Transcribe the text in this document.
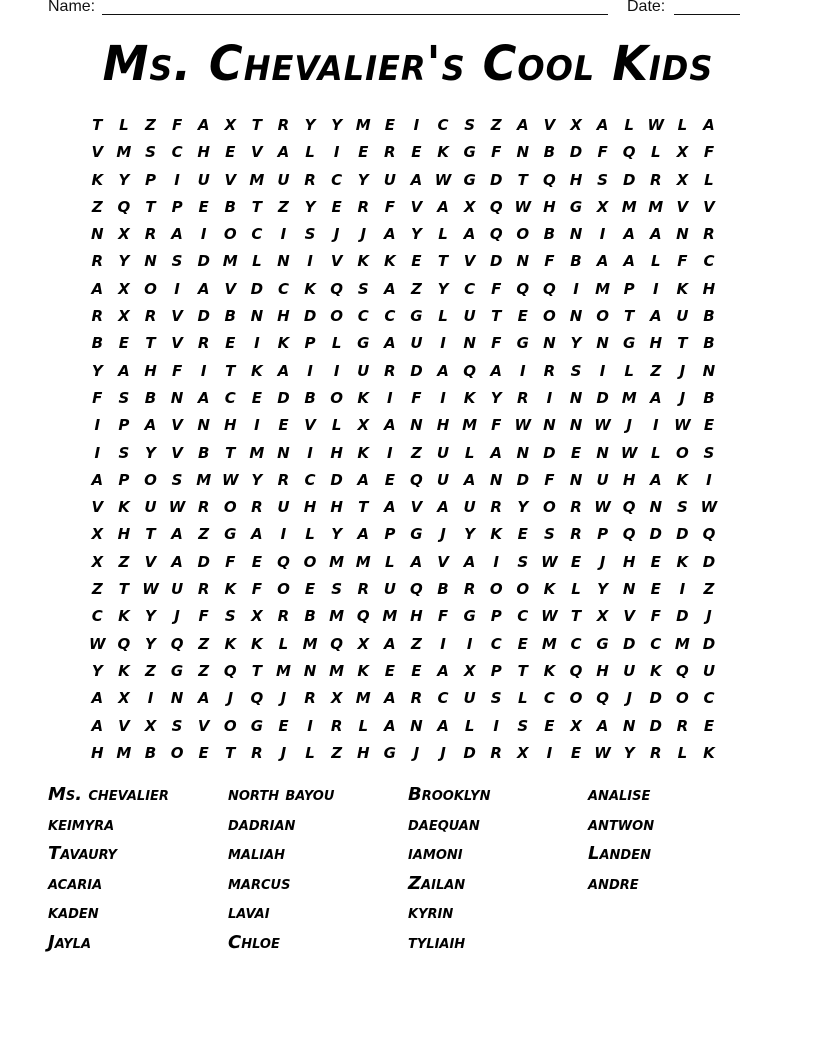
Name:	Date:
Ms. Chevalier's Cool Kids
T	L	Z	F	A	X	T	R	Y	Y M E	I	C	S	Z	A V	X	A	L W L	A
V M S	C H	E	V A	L	I	E	R	E	K G	F	N B D	F	Q	L	X	F
K	Y	P	I	U V M U R	C	Y	U A W G D	T	Q H S D R	X	L
Z Q	T	P	E	B	T	Z	Y	E	R	F	V A	X Q W H G X M M V V
N X	R	A	I	O C	I	S	J	J	A	Y	L	A Q O B N	I	A A N R
R	Y N S D M L	N	I	V K K	E	T	V D N	F	B	A A	L	F	C
A	X O	I	A V D C	K Q S	A	Z	Y	C	F	Q Q	I	M P	I	K H
R	X	R	V D B N H D O C	C G	L	U	T	E	O N O	T	A U B
B	E	T	V	R	E	I	K	P	L	G A U	I	N	F	G N Y N G H	T	B
Y	A H	F	I	T	K A	I	I	U R D A Q A	I	R	S	I	L	Z	J	N
F	S	B N A	C	E	D B O K	I	F	I	K	Y	R	I	N D M A	J	B
I	P	A V N H	I	E	V	L	X	A N H M F W N N W	J	I	W E
I	S	Y	V	B	T M N	I	H K	I	Z	U	L	A N D	E	N W L	O S
A	P O S M W Y	R	C D A	E	Q U A N D	F	N U H A K	I
V K U W R O R U H H	T	A V A U R	Y O R W Q N S W
X H	T	A	Z	G A	I	L	Y	A	P G	J	Y	K	E	S	R	P Q D D Q
X	Z	V A D	F	E	Q O M M L	A V A	I	S W E	J	H	E	K D
Z	T W U R	K	F	O	E	S	R U Q B	R O O K	L	Y N	E	I	Z
C	K	Y	J	F	S	X	R	B M Q M H	F	G P	C W T	X	V	F	D	J
W Q Y Q Z	K K	L M Q X	A	Z	I	I	C	E M C G D C M D
Y	K	Z	G Z Q	T M N M K	E	E	A	X	P	T	K Q H U K Q U
A	X	I	N A	J	Q	J	R	X M A	R	C	U	S	L	C O Q	J	D O C
A V	X	S	V O G	E	I	R	L	A N A	L	I	S	E	X	A N D R	E
H M B O	E	T	R	J	L	Z H G	J	J	D R	X	I	E W Y	R	L	K
Ms. chevalier
keimyra
Tavaury
acaria
kaden
Jayla
north bayou
dadrian
maliah
marcus
lavai
Chloe
Brooklyn
daequan
iamoni
Zailan
kyrin
tyliaih
analise
antwon
Landen
andre
